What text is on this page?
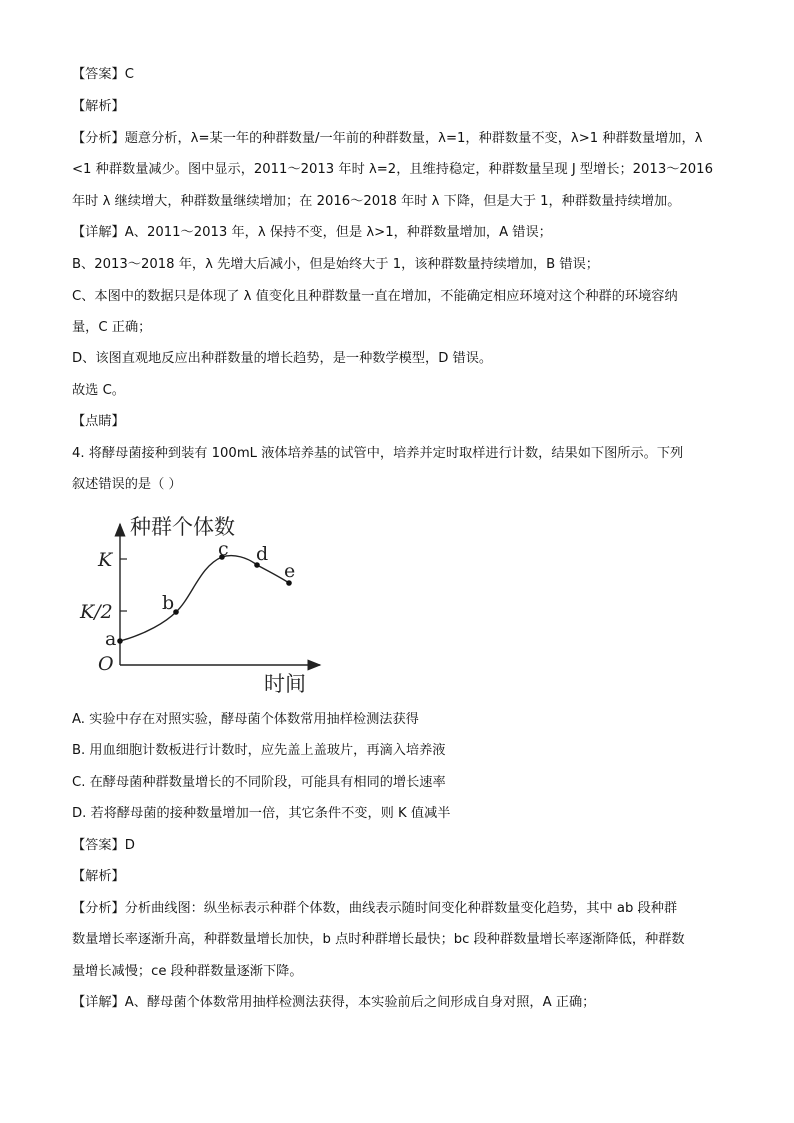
【答案】C
【解析】
【分析】题意分析，λ=某一年的种群数量/一年前的种群数量，λ=1，种群数量不变，λ>1 种群数量增加，λ
<1 种群数量减少。图中显示，2011～2013 年时 λ=2，且维持稳定，种群数量呈现 J 型增长；2013～2016
年时 λ 继续增大，种群数量继续增加；在 2016～2018 年时 λ 下降，但是大于 1，种群数量持续增加。
【详解】A、2011～2013 年，λ 保持不变，但是 λ>1，种群数量增加，A 错误；
B、2013～2018 年，λ 先增大后减小，但是始终大于 1，该种群数量持续增加，B 错误；
C、本图中的数据只是体现了 λ 值变化且种群数量一直在增加，不能确定相应环境对这个种群的环境容纳
量，C 正确；
D、该图直观地反应出种群数量的增长趋势，是一种数学模型，D 错误。
故选 C。
【点睛】
4. 将酵母菌接种到装有 100mL 液体培养基的试管中，培养并定时取样进行计数，结果如下图所示。下列
叙述错误的是（ ）
种群个体数
时间
K
K/2
O
a
b
c d
e
A. 实验中存在对照实验，酵母菌个体数常用抽样检测法获得
B. 用血细胞计数板进行计数时，应先盖上盖玻片，再滴入培养液
C. 在酵母菌种群数量增长的不同阶段，可能具有相同的增长速率
D. 若将酵母菌的接种数量增加一倍，其它条件不变，则 K 值减半
【答案】D
【解析】
【分析】分析曲线图：纵坐标表示种群个体数，曲线表示随时间变化种群数量变化趋势，其中 ab 段种群
数量增长率逐渐升高，种群数量增长加快，b 点时种群增长最快；bc 段种群数量增长率逐渐降低，种群数
量增长减慢；ce 段种群数量逐渐下降。
【详解】A、酵母菌个体数常用抽样检测法获得，本实验前后之间形成自身对照，A 正确；
